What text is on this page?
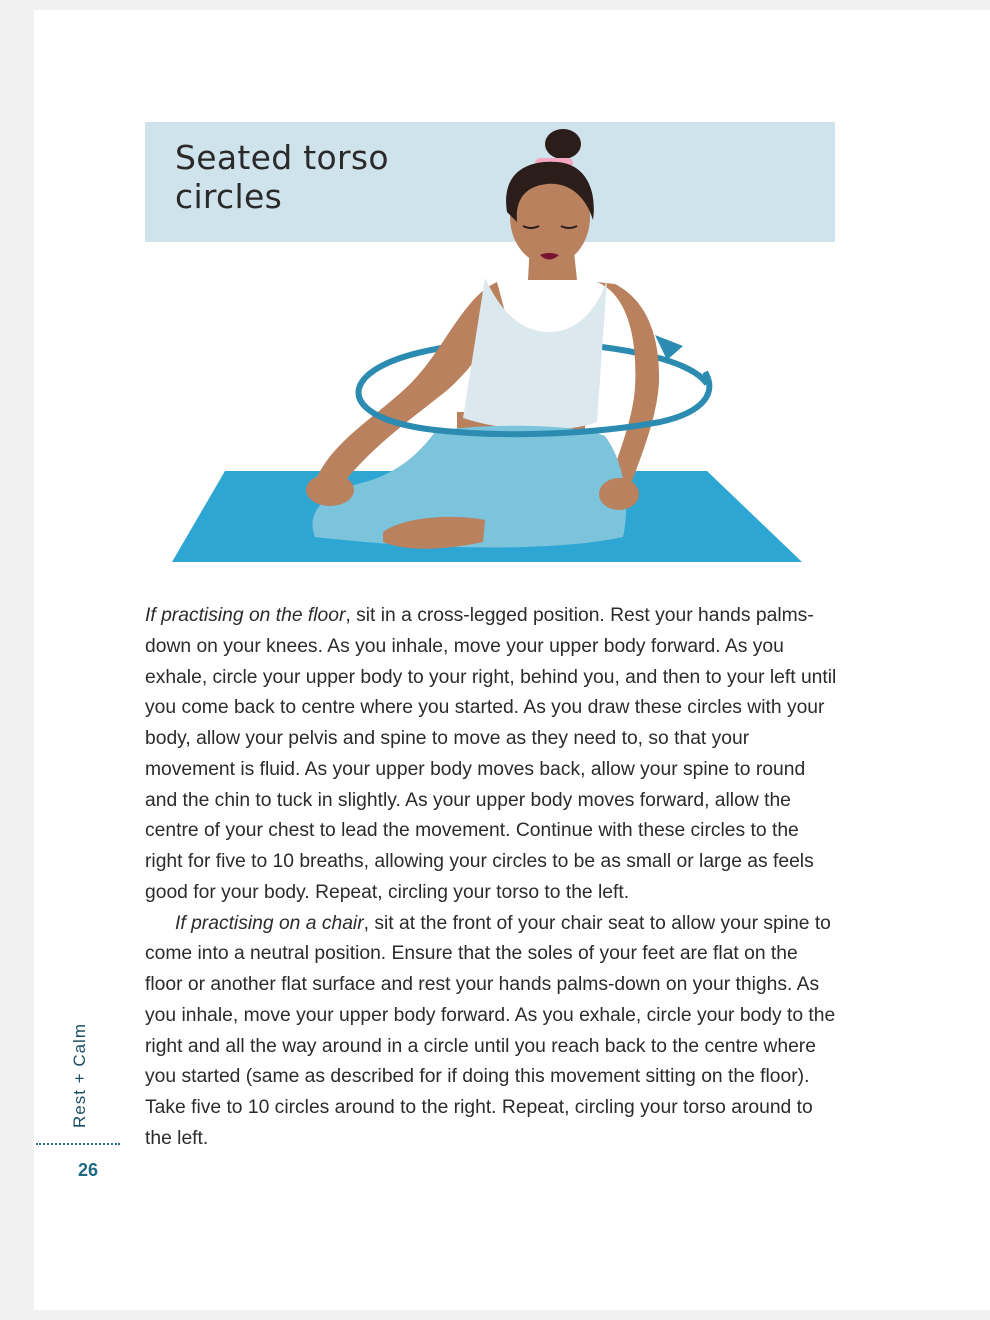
Seated torso circles

If practising on the floor, sit in a cross-legged position. Rest your hands palms-down on your knees. As you inhale, move your upper body forward. As you exhale, circle your upper body to your right, behind you, and then to your left until you come back to centre where you started. As you draw these circles with your body, allow your pelvis and spine to move as they need to, so that your movement is fluid. As your upper body moves back, allow your spine to round and the chin to tuck in slightly. As your upper body moves forward, allow the centre of your chest to lead the movement. Continue with these circles to the right for five to 10 breaths, allowing your circles to be as small or large as feels good for your body. Repeat, circling your torso to the left.

If practising on a chair, sit at the front of your chair seat to allow your spine to come into a neutral position. Ensure that the soles of your feet are flat on the floor or another flat surface and rest your hands palms-down on your thighs. As you inhale, move your upper body forward. As you exhale, circle your body to the right and all the way around in a circle until you reach back to the centre where you started (same as described for if doing this movement sitting on the floor). Take five to 10 circles around to the right. Repeat, circling your torso around to the left.

Rest + Calm
26
